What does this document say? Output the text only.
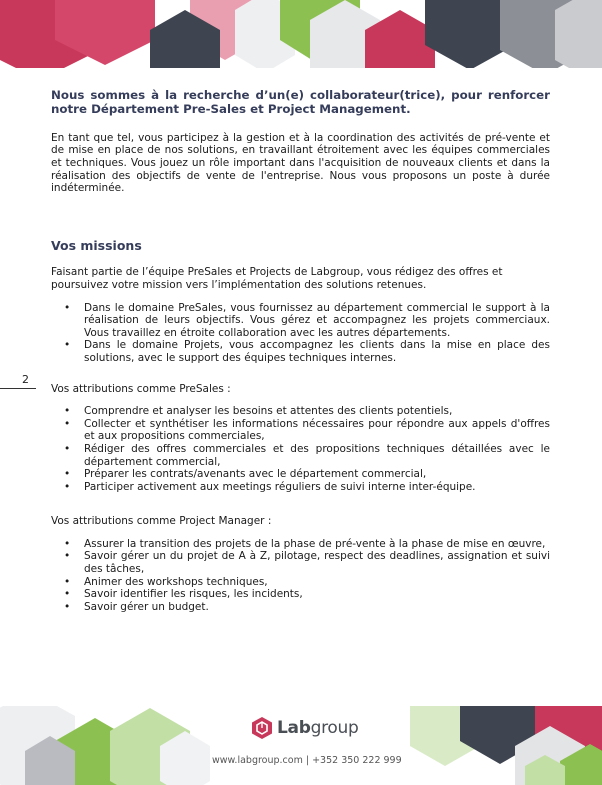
2

Nous sommes à la recherche d’un(e) collaborateur(trice), pour renforcer notre Département Pre-Sales et Project Management.

En tant que tel, vous participez à la gestion et à la coordination des activités de pré-vente et de mise en place de nos solutions, en travaillant étroitement avec les équipes commerciales et techniques. Vous jouez un rôle important dans l'acquisition de nouveaux clients et dans la réalisation des objectifs de vente de l'entreprise. Nous vous proposons un poste à durée indéterminée.

Vos missions

Faisant partie de l’équipe PreSales et Projects de Labgroup, vous rédigez des offres et poursuivez votre mission vers l’implémentation des solutions retenues.

• Dans le domaine PreSales, vous fournissez au département commercial le support à la réalisation de leurs objectifs. Vous gérez et accompagnez les projets commerciaux. Vous travaillez en étroite collaboration avec les autres départements.
• Dans le domaine Projets, vous accompagnez les clients dans la mise en place des solutions, avec le support des équipes techniques internes.

Vos attributions comme PreSales :

• Comprendre et analyser les besoins et attentes des clients potentiels,
• Collecter et synthétiser les informations nécessaires pour répondre aux appels d'offres et aux propositions commerciales,
• Rédiger des offres commerciales et des propositions techniques détaillées avec le département commercial,
• Préparer les contrats/avenants avec le département commercial,
• Participer activement aux meetings réguliers de suivi interne inter-équipe.

Vos attributions comme Project Manager :

• Assurer la transition des projets de la phase de pré-vente à la phase de mise en œuvre,
• Savoir gérer un du projet de A à Z, pilotage, respect des deadlines, assignation et suivi des tâches,
• Animer des workshops techniques,
• Savoir identifier les risques, les incidents,
• Savoir gérer un budget.
Labgroup
www.labgroup.com | +352 350 222 999
